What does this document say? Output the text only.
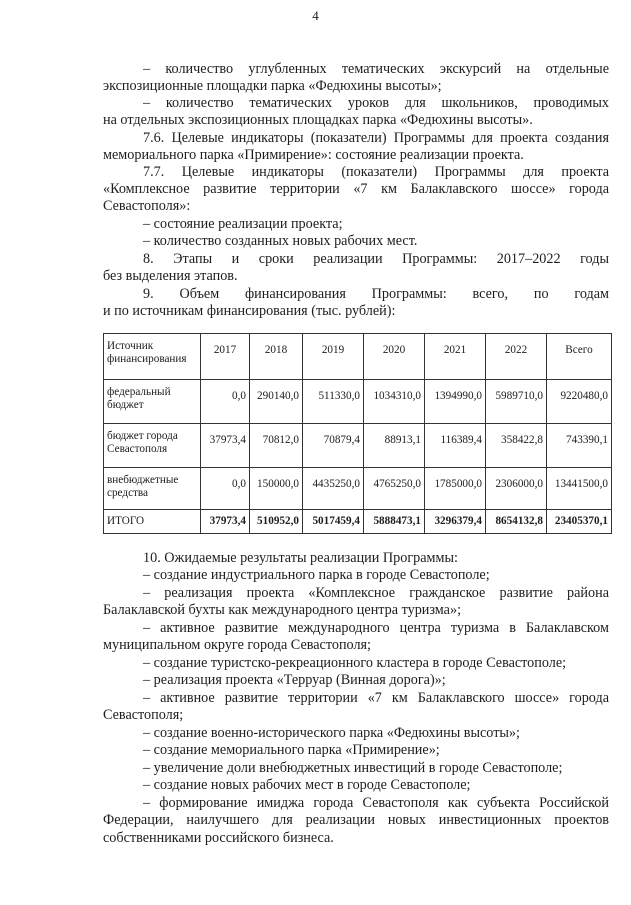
4
– количество углубленных тематических экскурсий на отдельные
экспозиционные площадки парка «Федюхины высоты»;
– количество тематических уроков для школьников, проводимых
на отдельных экспозиционных площадках парка «Федюхины высоты».
7.6. Целевые индикаторы (показатели) Программы для проекта создания
мемориального парка «Примирение»: состояние реализации проекта.
7.7. Целевые индикаторы (показатели) Программы для проекта
«Комплексное развитие территории «7 км Балаклавского шоссе» города
Севастополя»:
– состояние реализации проекта;
– количество созданных новых рабочих мест.
8. Этапы и сроки реализации Программы: 2017–2022 годы
без выделения этапов.
9. Объем финансирования Программы: всего, по годам
и по источникам финансирования (тыс. рублей):
Источник финансирования	2017	2018	2019	2020	2021	2022	Всего
федеральный бюджет	0,0	290140,0	511330,0	1034310,0	1394990,0	5989710,0	9220480,0
бюджет города Севастополя	37973,4	70812,0	70879,4	88913,1	116389,4	358422,8	743390,1
внебюджетные средства	0,0	150000,0	4435250,0	4765250,0	1785000,0	2306000,0	13441500,0
ИТОГО	37973,4	510952,0	5017459,4	5888473,1	3296379,4	8654132,8	23405370,1
10. Ожидаемые результаты реализации Программы:
– создание индустриального парка в городе Севастополе;
– реализация проекта «Комплексное гражданское развитие района
Балаклавской бухты как международного центра туризма»;
– активное развитие международного центра туризма в Балаклавском
муниципальном округе города Севастополя;
– создание туристско-рекреационного кластера в городе Севастополе;
– реализация проекта «Терруар (Винная дорога)»;
– активное развитие территории «7 км Балаклавского шоссе» города
Севастополя;
– создание военно-исторического парка «Федюхины высоты»;
– создание мемориального парка «Примирение»;
– увеличение доли внебюджетных инвестиций в городе Севастополе;
– создание новых рабочих мест в городе Севастополе;
– формирование имиджа города Севастополя как субъекта Российской
Федерации, наилучшего для реализации новых инвестиционных проектов
собственниками российского бизнеса.
